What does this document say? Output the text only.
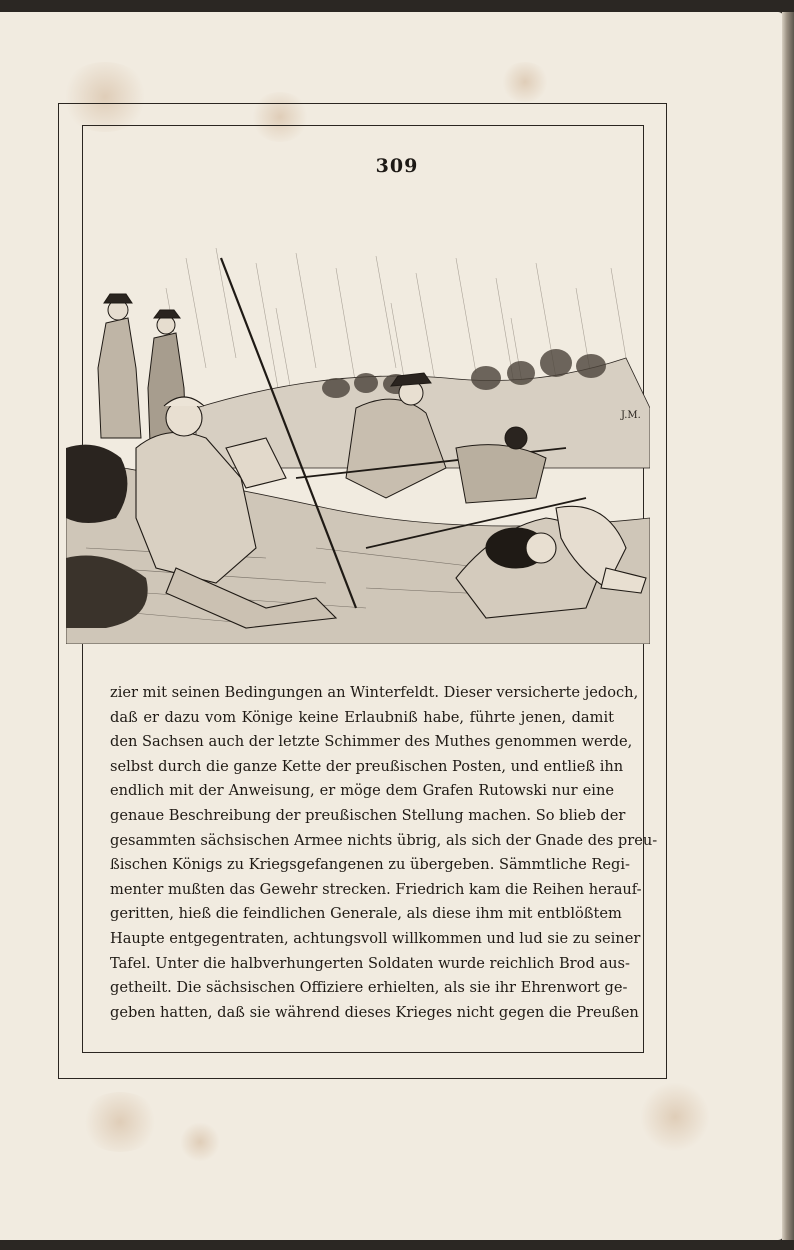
309
J.M.
zier mit seinen Bedingungen an Winterfeldt. Dieser versicherte jedoch,
daß er dazu vom Könige keine Erlaubniß habe, führte jenen, damit
den Sachsen auch der letzte Schimmer des Muthes genommen werde,
selbst durch die ganze Kette der preußischen Posten, und entließ ihn
endlich mit der Anweisung, er möge dem Grafen Rutowski nur eine
genaue Beschreibung der preußischen Stellung machen. So blieb der
gesammten sächsischen Armee nichts übrig, als sich der Gnade des preu-
ßischen Königs zu Kriegsgefangenen zu übergeben. Sämmtliche Regi-
menter mußten das Gewehr strecken. Friedrich kam die Reihen herauf-
geritten, hieß die feindlichen Generale, als diese ihm mit entblößtem
Haupte entgegentraten, achtungsvoll willkommen und lud sie zu seiner
Tafel. Unter die halbverhungerten Soldaten wurde reichlich Brod aus-
getheilt. Die sächsischen Offiziere erhielten, als sie ihr Ehrenwort ge-
geben hatten, daß sie während dieses Krieges nicht gegen die Preußen
